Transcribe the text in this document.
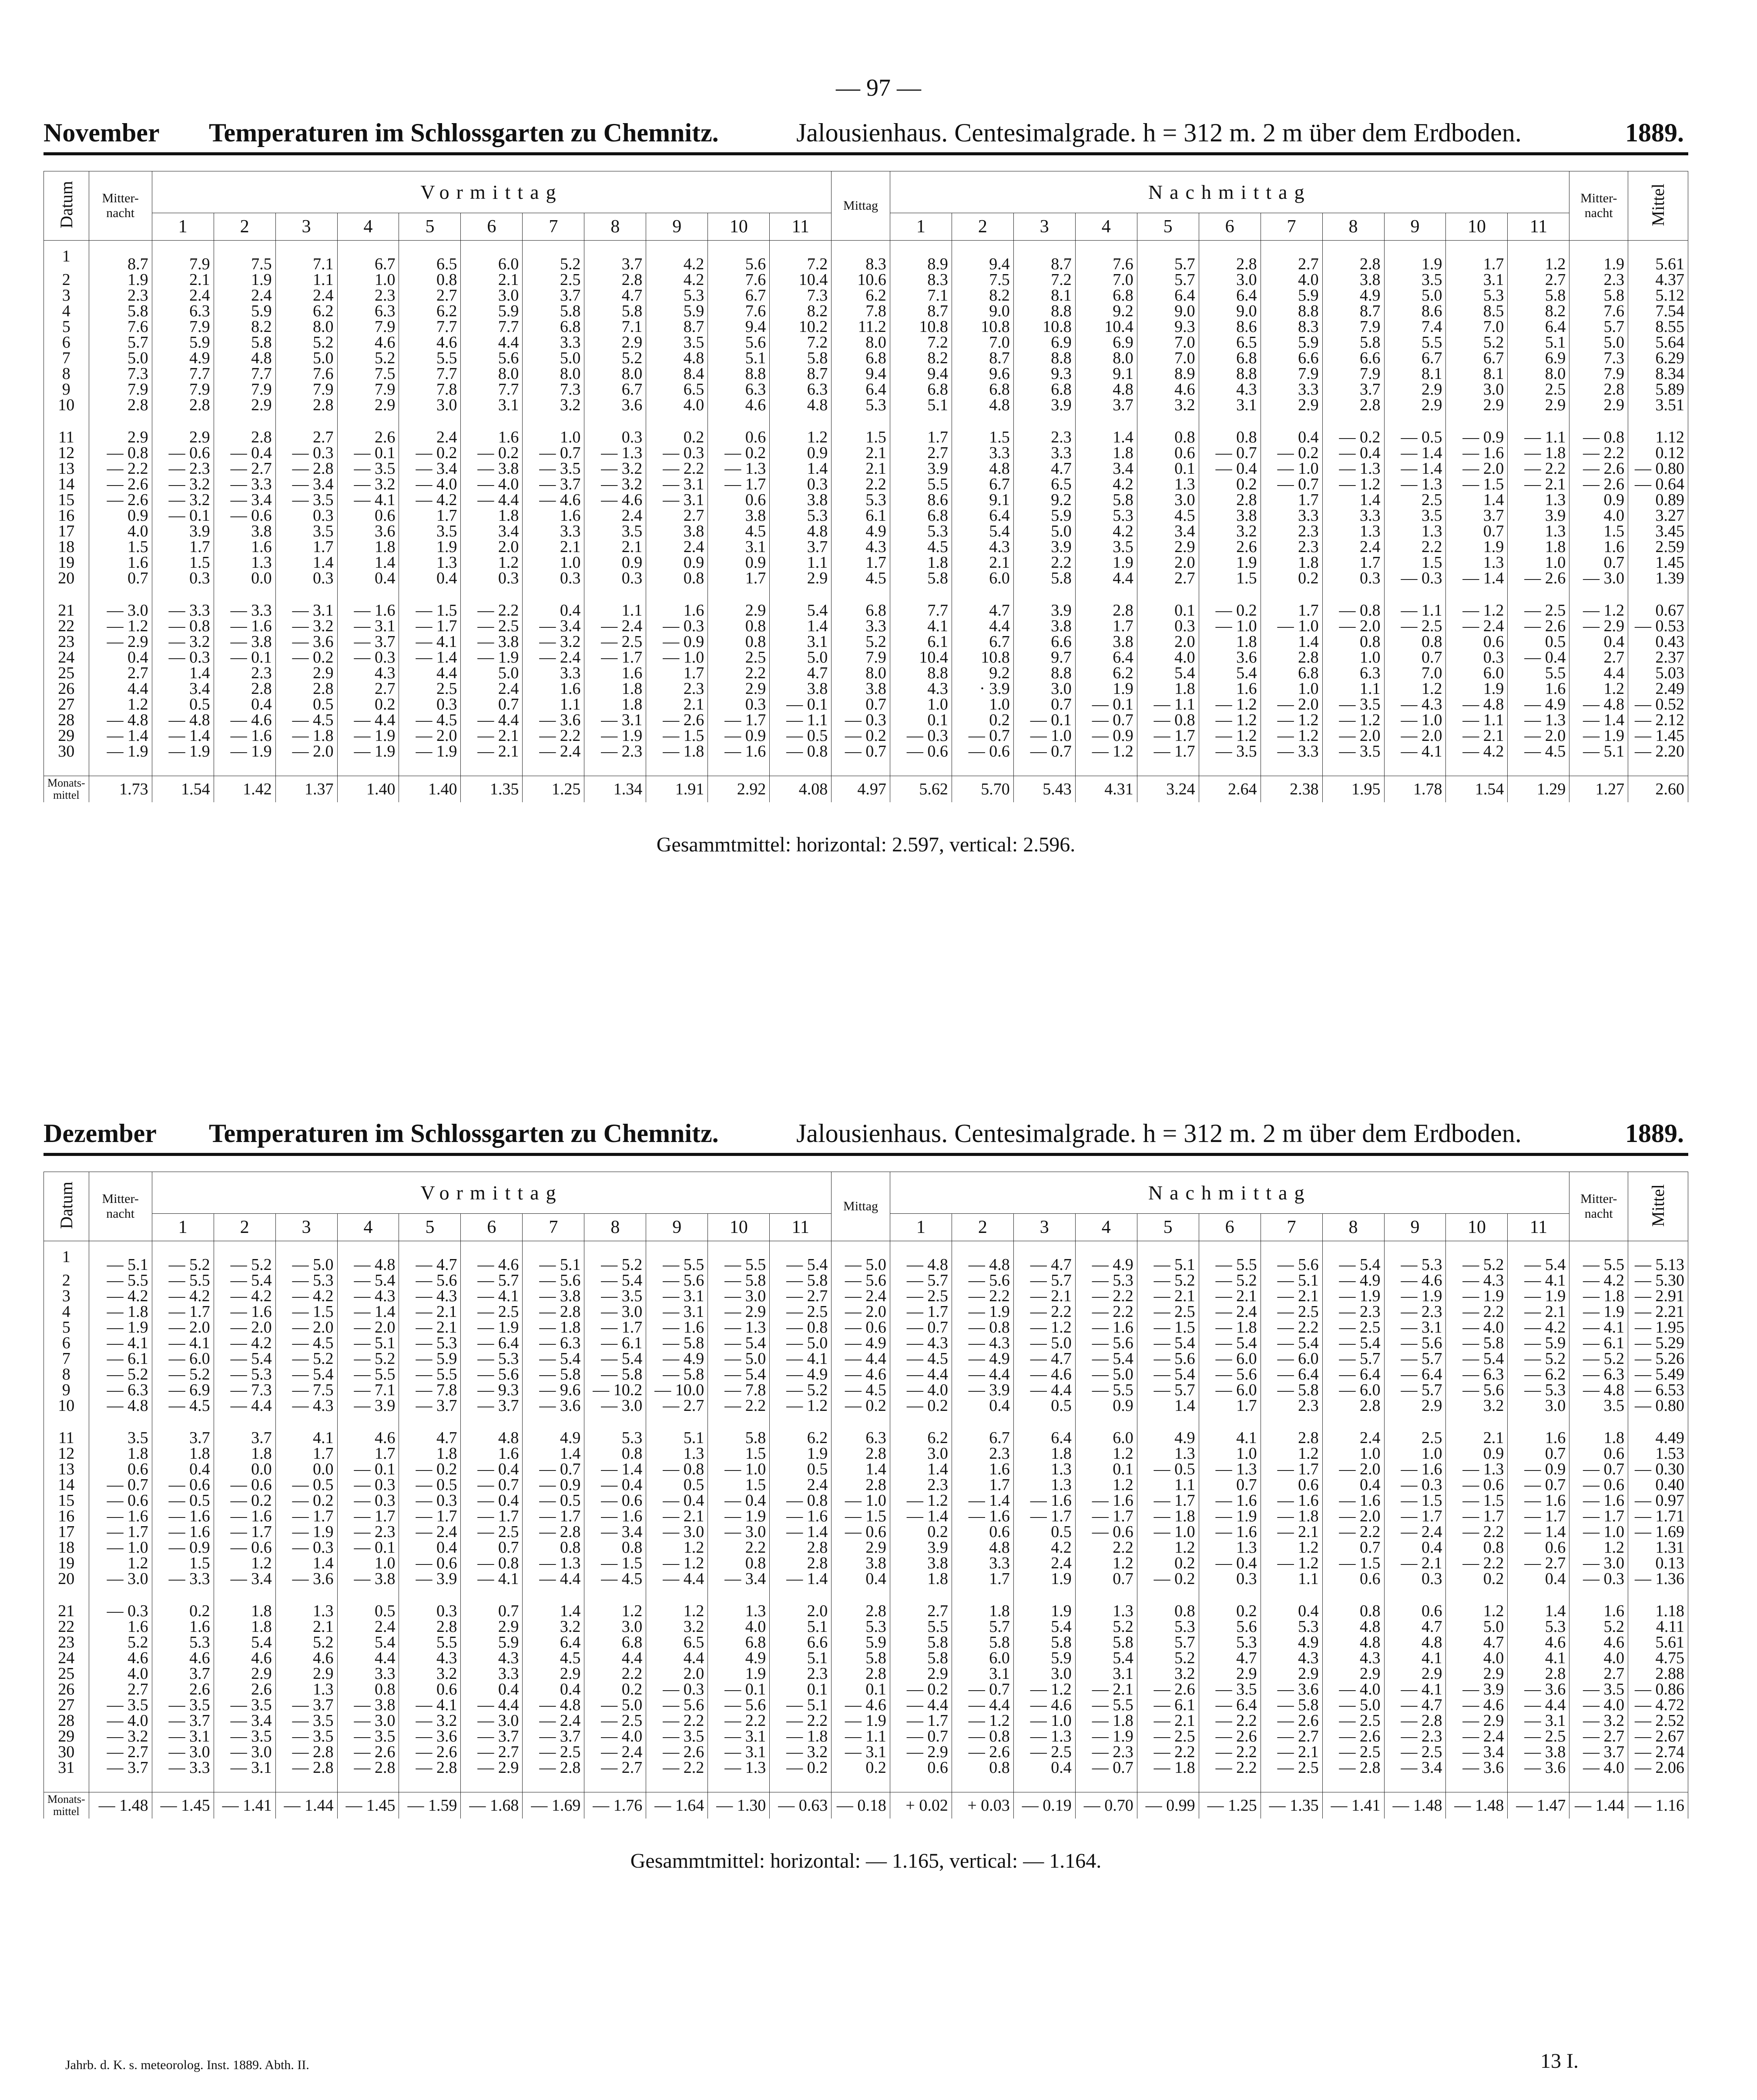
— 97 —
November Temperaturen im Schlossgarten zu Chemnitz.	Jalousienhaus. Centesimalgrade. h = 312 m. 2 m über dem Erdboden.	1889.
Datum	Mitter-
nacht	Vormittag											Mittag	Nachmittag											Mitter-
nacht	Mittel
		1	2	3	4	5	6	7	8	9	10	11		1	2	3	4	5	6	7	8	9	10	11		
1	8.7	7.9	7.5	7.1	6.7	6.5	6.0	5.2	3.7	4.2	5.6	7.2	8.3	8.9	9.4	8.7	7.6	5.7	2.8	2.7	2.8	1.9	1.7	1.2	1.9	5.61
2	1.9	2.1	1.9	1.1	1.0	0.8	2.1	2.5	2.8	4.2	7.6	10.4	10.6	8.3	7.5	7.2	7.0	5.7	3.0	4.0	3.8	3.5	3.1	2.7	2.3	4.37
3	2.3	2.4	2.4	2.4	2.3	2.7	3.0	3.7	4.7	5.3	6.7	7.3	6.2	7.1	8.2	8.1	6.8	6.4	6.4	5.9	4.9	5.0	5.3	5.8	5.8	5.12
4	5.8	6.3	5.9	6.2	6.3	6.2	5.9	5.8	5.8	5.9	7.6	8.2	7.8	8.7	9.0	8.8	9.2	9.0	9.0	8.8	8.7	8.6	8.5	8.2	7.6	7.54
5	7.6	7.9	8.2	8.0	7.9	7.7	7.7	6.8	7.1	8.7	9.4	10.2	11.2	10.8	10.8	10.8	10.4	9.3	8.6	8.3	7.9	7.4	7.0	6.4	5.7	8.55
6	5.7	5.9	5.8	5.2	4.6	4.6	4.4	3.3	2.9	3.5	5.6	7.2	8.0	7.2	7.0	6.9	6.9	7.0	6.5	5.9	5.8	5.5	5.2	5.1	5.0	5.64
7	5.0	4.9	4.8	5.0	5.2	5.5	5.6	5.0	5.2	4.8	5.1	5.8	6.8	8.2	8.7	8.8	8.0	7.0	6.8	6.6	6.6	6.7	6.7	6.9	7.3	6.29
8	7.3	7.7	7.7	7.6	7.5	7.7	8.0	8.0	8.0	8.4	8.8	8.7	9.4	9.4	9.6	9.3	9.1	8.9	8.8	7.9	7.9	8.1	8.1	8.0	7.9	8.34
9	7.9	7.9	7.9	7.9	7.9	7.8	7.7	7.3	6.7	6.5	6.3	6.3	6.4	6.8	6.8	6.8	4.8	4.6	4.3	3.3	3.7	2.9	3.0	2.5	2.8	5.89
10	2.8	2.8	2.9	2.8	2.9	3.0	3.1	3.2	3.6	4.0	4.6	4.8	5.3	5.1	4.8	3.9	3.7	3.2	3.1	2.9	2.8	2.9	2.9	2.9	2.9	3.51

11	2.9	2.9	2.8	2.7	2.6	2.4	1.6	1.0	0.3	0.2	0.6	1.2	1.5	1.7	1.5	2.3	1.4	0.8	0.8	0.4	— 0.2	— 0.5	— 0.9	— 1.1	— 0.8	1.12
12	— 0.8	— 0.6	— 0.4	— 0.3	— 0.1	— 0.2	— 0.2	— 0.7	— 1.3	— 0.3	— 0.2	0.9	2.1	2.7	3.3	3.3	1.8	0.6	— 0.7	— 0.2	— 0.4	— 1.4	— 1.6	— 1.8	— 2.2	0.12
13	— 2.2	— 2.3	— 2.7	— 2.8	— 3.5	— 3.4	— 3.8	— 3.5	— 3.2	— 2.2	— 1.3	1.4	2.1	3.9	4.8	4.7	3.4	0.1	— 0.4	— 1.0	— 1.3	— 1.4	— 2.0	— 2.2	— 2.6	— 0.80
14	— 2.6	— 3.2	— 3.3	— 3.4	— 3.2	— 4.0	— 4.0	— 3.7	— 3.2	— 3.1	— 1.7	0.3	2.2	5.5	6.7	6.5	4.2	1.3	0.2	— 0.7	— 1.2	— 1.3	— 1.5	— 2.1	— 2.6	— 0.64
15	— 2.6	— 3.2	— 3.4	— 3.5	— 4.1	— 4.2	— 4.4	— 4.6	— 4.6	— 3.1	0.6	3.8	5.3	8.6	9.1	9.2	5.8	3.0	2.8	1.7	1.4	2.5	1.4	1.3	0.9	0.89
16	0.9	— 0.1	— 0.6	0.3	0.6	1.7	1.8	1.6	2.4	2.7	3.8	5.3	6.1	6.8	6.4	5.9	5.3	4.5	3.8	3.3	3.3	3.5	3.7	3.9	4.0	3.27
17	4.0	3.9	3.8	3.5	3.6	3.5	3.4	3.3	3.5	3.8	4.5	4.8	4.9	5.3	5.4	5.0	4.2	3.4	3.2	2.3	1.3	1.3	0.7	1.3	1.5	3.45
18	1.5	1.7	1.6	1.7	1.8	1.9	2.0	2.1	2.1	2.4	3.1	3.7	4.3	4.5	4.3	3.9	3.5	2.9	2.6	2.3	2.4	2.2	1.9	1.8	1.6	2.59
19	1.6	1.5	1.3	1.4	1.4	1.3	1.2	1.0	0.9	0.9	0.9	1.1	1.7	1.8	2.1	2.2	1.9	2.0	1.9	1.8	1.7	1.5	1.3	1.0	0.7	1.45
20	0.7	0.3	0.0	0.3	0.4	0.4	0.3	0.3	0.3	0.8	1.7	2.9	4.5	5.8	6.0	5.8	4.4	2.7	1.5	0.2	0.3	— 0.3	— 1.4	— 2.6	— 3.0	1.39

21	— 3.0	— 3.3	— 3.3	— 3.1	— 1.6	— 1.5	— 2.2	0.4	1.1	1.6	2.9	5.4	6.8	7.7	4.7	3.9	2.8	0.1	— 0.2	1.7	— 0.8	— 1.1	— 1.2	— 2.5	— 1.2	0.67
22	— 1.2	— 0.8	— 1.6	— 3.2	— 3.1	— 1.7	— 2.5	— 3.4	— 2.4	— 0.3	0.8	1.4	3.3	4.1	4.4	3.8	1.7	0.3	— 1.0	— 1.0	— 2.0	— 2.5	— 2.4	— 2.6	— 2.9	— 0.53
23	— 2.9	— 3.2	— 3.8	— 3.6	— 3.7	— 4.1	— 3.8	— 3.2	— 2.5	— 0.9	0.8	3.1	5.2	6.1	6.7	6.6	3.8	2.0	1.8	1.4	0.8	0.8	0.6	0.5	0.4	0.43
24	0.4	— 0.3	— 0.1	— 0.2	— 0.3	— 1.4	— 1.9	— 2.4	— 1.7	— 1.0	2.5	5.0	7.9	10.4	10.8	9.7	6.4	4.0	3.6	2.8	1.0	0.7	0.3	— 0.4	2.7	2.37
25	2.7	1.4	2.3	2.9	4.3	4.4	5.0	3.3	1.6	1.7	2.2	4.7	8.0	8.8	9.2	8.8	6.2	5.4	5.4	6.8	6.3	7.0	6.0	5.5	4.4	5.03
26	4.4	3.4	2.8	2.8	2.7	2.5	2.4	1.6	1.8	2.3	2.9	3.8	3.8	4.3	· 3.9	3.0	1.9	1.8	1.6	1.0	1.1	1.2	1.9	1.6	1.2	2.49
27	1.2	0.5	0.4	0.5	0.2	0.3	0.7	1.1	1.8	2.1	0.3	— 0.1	0.7	1.0	1.0	0.7	— 0.1	— 1.1	— 1.2	— 2.0	— 3.5	— 4.3	— 4.8	— 4.9	— 4.8	— 0.52
28	— 4.8	— 4.8	— 4.6	— 4.5	— 4.4	— 4.5	— 4.4	— 3.6	— 3.1	— 2.6	— 1.7	— 1.1	— 0.3	0.1	0.2	— 0.1	— 0.7	— 0.8	— 1.2	— 1.2	— 1.2	— 1.0	— 1.1	— 1.3	— 1.4	— 2.12
29	— 1.4	— 1.4	— 1.6	— 1.8	— 1.9	— 2.0	— 2.1	— 2.2	— 1.9	— 1.5	— 0.9	— 0.5	— 0.2	— 0.3	— 0.7	— 1.0	— 0.9	— 1.7	— 1.2	— 1.2	— 2.0	— 2.0	— 2.1	— 2.0	— 1.9	— 1.45
30	— 1.9	— 1.9	— 1.9	— 2.0	— 1.9	— 1.9	— 2.1	— 2.4	— 2.3	— 1.8	— 1.6	— 0.8	— 0.7	— 0.6	— 0.6	— 0.7	— 1.2	— 1.7	— 3.5	— 3.3	— 3.5	— 4.1	— 4.2	— 4.5	— 5.1	— 2.20

Monats-
mittel	1.73	1.54	1.42	1.37	1.40	1.40	1.35	1.25	1.34	1.91	2.92	4.08	4.97	5.62	5.70	5.43	4.31	3.24	2.64	2.38	1.95	1.78	1.54	1.29	1.27	2.60
Gesammtmittel: horizontal: 2.597, vertical: 2.596.
Dezember Temperaturen im Schlossgarten zu Chemnitz.	Jalousienhaus. Centesimalgrade. h = 312 m. 2 m über dem Erdboden.	1889.
Datum	Mitter-
nacht	Vormittag											Mittag	Nachmittag											Mitter-
nacht	Mittel
		1	2	3	4	5	6	7	8	9	10	11		1	2	3	4	5	6	7	8	9	10	11		
1	— 5.1	— 5.2	— 5.2	— 5.0	— 4.8	— 4.7	— 4.6	— 5.1	— 5.2	— 5.5	— 5.5	— 5.4	— 5.0	— 4.8	— 4.8	— 4.7	— 4.9	— 5.1	— 5.5	— 5.6	— 5.4	— 5.3	— 5.2	— 5.4	— 5.5	— 5.13
2	— 5.5	— 5.5	— 5.4	— 5.3	— 5.4	— 5.6	— 5.7	— 5.6	— 5.4	— 5.6	— 5.8	— 5.8	— 5.6	— 5.7	— 5.6	— 5.7	— 5.3	— 5.2	— 5.2	— 5.1	— 4.9	— 4.6	— 4.3	— 4.1	— 4.2	— 5.30
3	— 4.2	— 4.2	— 4.2	— 4.2	— 4.3	— 4.3	— 4.1	— 3.8	— 3.5	— 3.1	— 3.0	— 2.7	— 2.4	— 2.5	— 2.2	— 2.1	— 2.2	— 2.1	— 2.1	— 2.1	— 1.9	— 1.9	— 1.9	— 1.9	— 1.8	— 2.91
4	— 1.8	— 1.7	— 1.6	— 1.5	— 1.4	— 2.1	— 2.5	— 2.8	— 3.0	— 3.1	— 2.9	— 2.5	— 2.0	— 1.7	— 1.9	— 2.2	— 2.2	— 2.5	— 2.4	— 2.5	— 2.3	— 2.3	— 2.2	— 2.1	— 1.9	— 2.21
5	— 1.9	— 2.0	— 2.0	— 2.0	— 2.0	— 2.1	— 1.9	— 1.8	— 1.7	— 1.6	— 1.3	— 0.8	— 0.6	— 0.7	— 0.8	— 1.2	— 1.6	— 1.5	— 1.8	— 2.2	— 2.5	— 3.1	— 4.0	— 4.2	— 4.1	— 1.95
6	— 4.1	— 4.1	— 4.2	— 4.5	— 5.1	— 5.3	— 6.4	— 6.3	— 6.1	— 5.8	— 5.4	— 5.0	— 4.9	— 4.3	— 4.3	— 5.0	— 5.6	— 5.4	— 5.4	— 5.4	— 5.4	— 5.6	— 5.8	— 5.9	— 6.1	— 5.29
7	— 6.1	— 6.0	— 5.4	— 5.2	— 5.2	— 5.9	— 5.3	— 5.4	— 5.4	— 4.9	— 5.0	— 4.1	— 4.4	— 4.5	— 4.9	— 4.7	— 5.4	— 5.6	— 6.0	— 6.0	— 5.7	— 5.7	— 5.4	— 5.2	— 5.2	— 5.26
8	— 5.2	— 5.2	— 5.3	— 5.4	— 5.5	— 5.5	— 5.6	— 5.8	— 5.8	— 5.8	— 5.4	— 4.9	— 4.6	— 4.4	— 4.4	— 4.6	— 5.0	— 5.4	— 5.6	— 6.4	— 6.4	— 6.4	— 6.3	— 6.2	— 6.3	— 5.49
9	— 6.3	— 6.9	— 7.3	— 7.5	— 7.1	— 7.8	— 9.3	— 9.6	— 10.2	— 10.0	— 7.8	— 5.2	— 4.5	— 4.0	— 3.9	— 4.4	— 5.5	— 5.7	— 6.0	— 5.8	— 6.0	— 5.7	— 5.6	— 5.3	— 4.8	— 6.53
10	— 4.8	— 4.5	— 4.4	— 4.3	— 3.9	— 3.7	— 3.7	— 3.6	— 3.0	— 2.7	— 2.2	— 1.2	— 0.2	— 0.2	0.4	0.5	0.9	1.4	1.7	2.3	2.8	2.9	3.2	3.0	3.5	— 0.80

11	3.5	3.7	3.7	4.1	4.6	4.7	4.8	4.9	5.3	5.1	5.8	6.2	6.3	6.2	6.7	6.4	6.0	4.9	4.1	2.8	2.4	2.5	2.1	1.6	1.8	4.49
12	1.8	1.8	1.8	1.7	1.7	1.8	1.6	1.4	0.8	1.3	1.5	1.9	2.8	3.0	2.3	1.8	1.2	1.3	1.0	1.2	1.0	1.0	0.9	0.7	0.6	1.53
13	0.6	0.4	0.0	0.0	— 0.1	— 0.2	— 0.4	— 0.7	— 1.4	— 0.8	— 1.0	0.5	1.4	1.4	1.6	1.3	0.1	— 0.5	— 1.3	— 1.7	— 2.0	— 1.6	— 1.3	— 0.9	— 0.7	— 0.30
14	— 0.7	— 0.6	— 0.6	— 0.5	— 0.3	— 0.5	— 0.7	— 0.9	— 0.4	0.5	1.5	2.4	2.8	2.3	1.7	1.3	1.2	1.1	0.7	0.6	0.4	— 0.3	— 0.6	— 0.7	— 0.6	0.40
15	— 0.6	— 0.5	— 0.2	— 0.2	— 0.3	— 0.3	— 0.4	— 0.5	— 0.6	— 0.4	— 0.4	— 0.8	— 1.0	— 1.2	— 1.4	— 1.6	— 1.6	— 1.7	— 1.6	— 1.6	— 1.6	— 1.5	— 1.5	— 1.6	— 1.6	— 0.97
16	— 1.6	— 1.6	— 1.6	— 1.7	— 1.7	— 1.7	— 1.7	— 1.7	— 1.6	— 2.1	— 1.9	— 1.6	— 1.5	— 1.4	— 1.6	— 1.7	— 1.7	— 1.8	— 1.9	— 1.8	— 2.0	— 1.7	— 1.7	— 1.7	— 1.7	— 1.71
17	— 1.7	— 1.6	— 1.7	— 1.9	— 2.3	— 2.4	— 2.5	— 2.8	— 3.4	— 3.0	— 3.0	— 1.4	— 0.6	0.2	0.6	0.5	— 0.6	— 1.0	— 1.6	— 2.1	— 2.2	— 2.4	— 2.2	— 1.4	— 1.0	— 1.69
18	— 1.0	— 0.9	— 0.6	— 0.3	— 0.1	0.4	0.7	0.8	0.8	1.2	2.2	2.8	2.9	3.9	4.8	4.2	2.2	1.2	1.3	1.2	0.7	0.4	0.8	0.6	1.2	1.31
19	1.2	1.5	1.2	1.4	1.0	— 0.6	— 0.8	— 1.3	— 1.5	— 1.2	0.8	2.8	3.8	3.8	3.3	2.4	1.2	0.2	— 0.4	— 1.2	— 1.5	— 2.1	— 2.2	— 2.7	— 3.0	0.13
20	— 3.0	— 3.3	— 3.4	— 3.6	— 3.8	— 3.9	— 4.1	— 4.4	— 4.5	— 4.4	— 3.4	— 1.4	0.4	1.8	1.7	1.9	0.7	— 0.2	0.3	1.1	0.6	0.3	0.2	0.4	— 0.3	— 1.36

21	— 0.3	0.2	1.8	1.3	0.5	0.3	0.7	1.4	1.2	1.2	1.3	2.0	2.8	2.7	1.8	1.9	1.3	0.8	0.2	0.4	0.8	0.6	1.2	1.4	1.6	1.18
22	1.6	1.6	1.8	2.1	2.4	2.8	2.9	3.2	3.0	3.2	4.0	5.1	5.3	5.5	5.7	5.4	5.2	5.3	5.6	5.3	4.8	4.7	5.0	5.3	5.2	4.11
23	5.2	5.3	5.4	5.2	5.4	5.5	5.9	6.4	6.8	6.5	6.8	6.6	5.9	5.8	5.8	5.8	5.8	5.7	5.3	4.9	4.8	4.8	4.7	4.6	4.6	5.61
24	4.6	4.6	4.6	4.6	4.4	4.3	4.3	4.5	4.4	4.4	4.9	5.1	5.8	5.8	6.0	5.9	5.4	5.2	4.7	4.3	4.3	4.1	4.0	4.1	4.0	4.75
25	4.0	3.7	2.9	2.9	3.3	3.2	3.3	2.9	2.2	2.0	1.9	2.3	2.8	2.9	3.1	3.0	3.1	3.2	2.9	2.9	2.9	2.9	2.9	2.8	2.7	2.88
26	2.7	2.6	2.6	1.3	0.8	0.6	0.4	0.4	0.2	— 0.3	— 0.1	0.1	0.1	— 0.2	— 0.7	— 1.2	— 2.1	— 2.6	— 3.5	— 3.6	— 4.0	— 4.1	— 3.9	— 3.6	— 3.5	— 0.86
27	— 3.5	— 3.5	— 3.5	— 3.7	— 3.8	— 4.1	— 4.4	— 4.8	— 5.0	— 5.6	— 5.6	— 5.1	— 4.6	— 4.4	— 4.4	— 4.6	— 5.5	— 6.1	— 6.4	— 5.8	— 5.0	— 4.7	— 4.6	— 4.4	— 4.0	— 4.72
28	— 4.0	— 3.7	— 3.4	— 3.5	— 3.0	— 3.2	— 3.0	— 2.4	— 2.5	— 2.2	— 2.2	— 2.2	— 1.9	— 1.7	— 1.2	— 1.0	— 1.8	— 2.1	— 2.2	— 2.6	— 2.5	— 2.8	— 2.9	— 3.1	— 3.2	— 2.52
29	— 3.2	— 3.1	— 3.5	— 3.5	— 3.5	— 3.6	— 3.7	— 3.7	— 4.0	— 3.5	— 3.1	— 1.8	— 1.1	— 0.7	— 0.8	— 1.3	— 1.9	— 2.5	— 2.6	— 2.7	— 2.6	— 2.3	— 2.4	— 2.5	— 2.7	— 2.67
30	— 2.7	— 3.0	— 3.0	— 2.8	— 2.6	— 2.6	— 2.7	— 2.5	— 2.4	— 2.6	— 3.1	— 3.2	— 3.1	— 2.9	— 2.6	— 2.5	— 2.3	— 2.2	— 2.2	— 2.1	— 2.5	— 2.5	— 3.4	— 3.8	— 3.7	— 2.74
31	— 3.7	— 3.3	— 3.1	— 2.8	— 2.8	— 2.8	— 2.9	— 2.8	— 2.7	— 2.2	— 1.3	— 0.2	0.2	0.6	0.8	0.4	— 0.7	— 1.8	— 2.2	— 2.5	— 2.8	— 3.4	— 3.6	— 3.6	— 4.0	— 2.06

Monats-
mittel	— 1.48	— 1.45	— 1.41	— 1.44	— 1.45	— 1.59	— 1.68	— 1.69	— 1.76	— 1.64	— 1.30	— 0.63	— 0.18	+ 0.02	+ 0.03	— 0.19	— 0.70	— 0.99	— 1.25	— 1.35	— 1.41	— 1.48	— 1.48	— 1.47	— 1.44	— 1.16
Gesammtmittel: horizontal: — 1.165, vertical: — 1.164.
Jahrb. d. K. s. meteorolog. Inst. 1889. Abth. II.	13 I.
